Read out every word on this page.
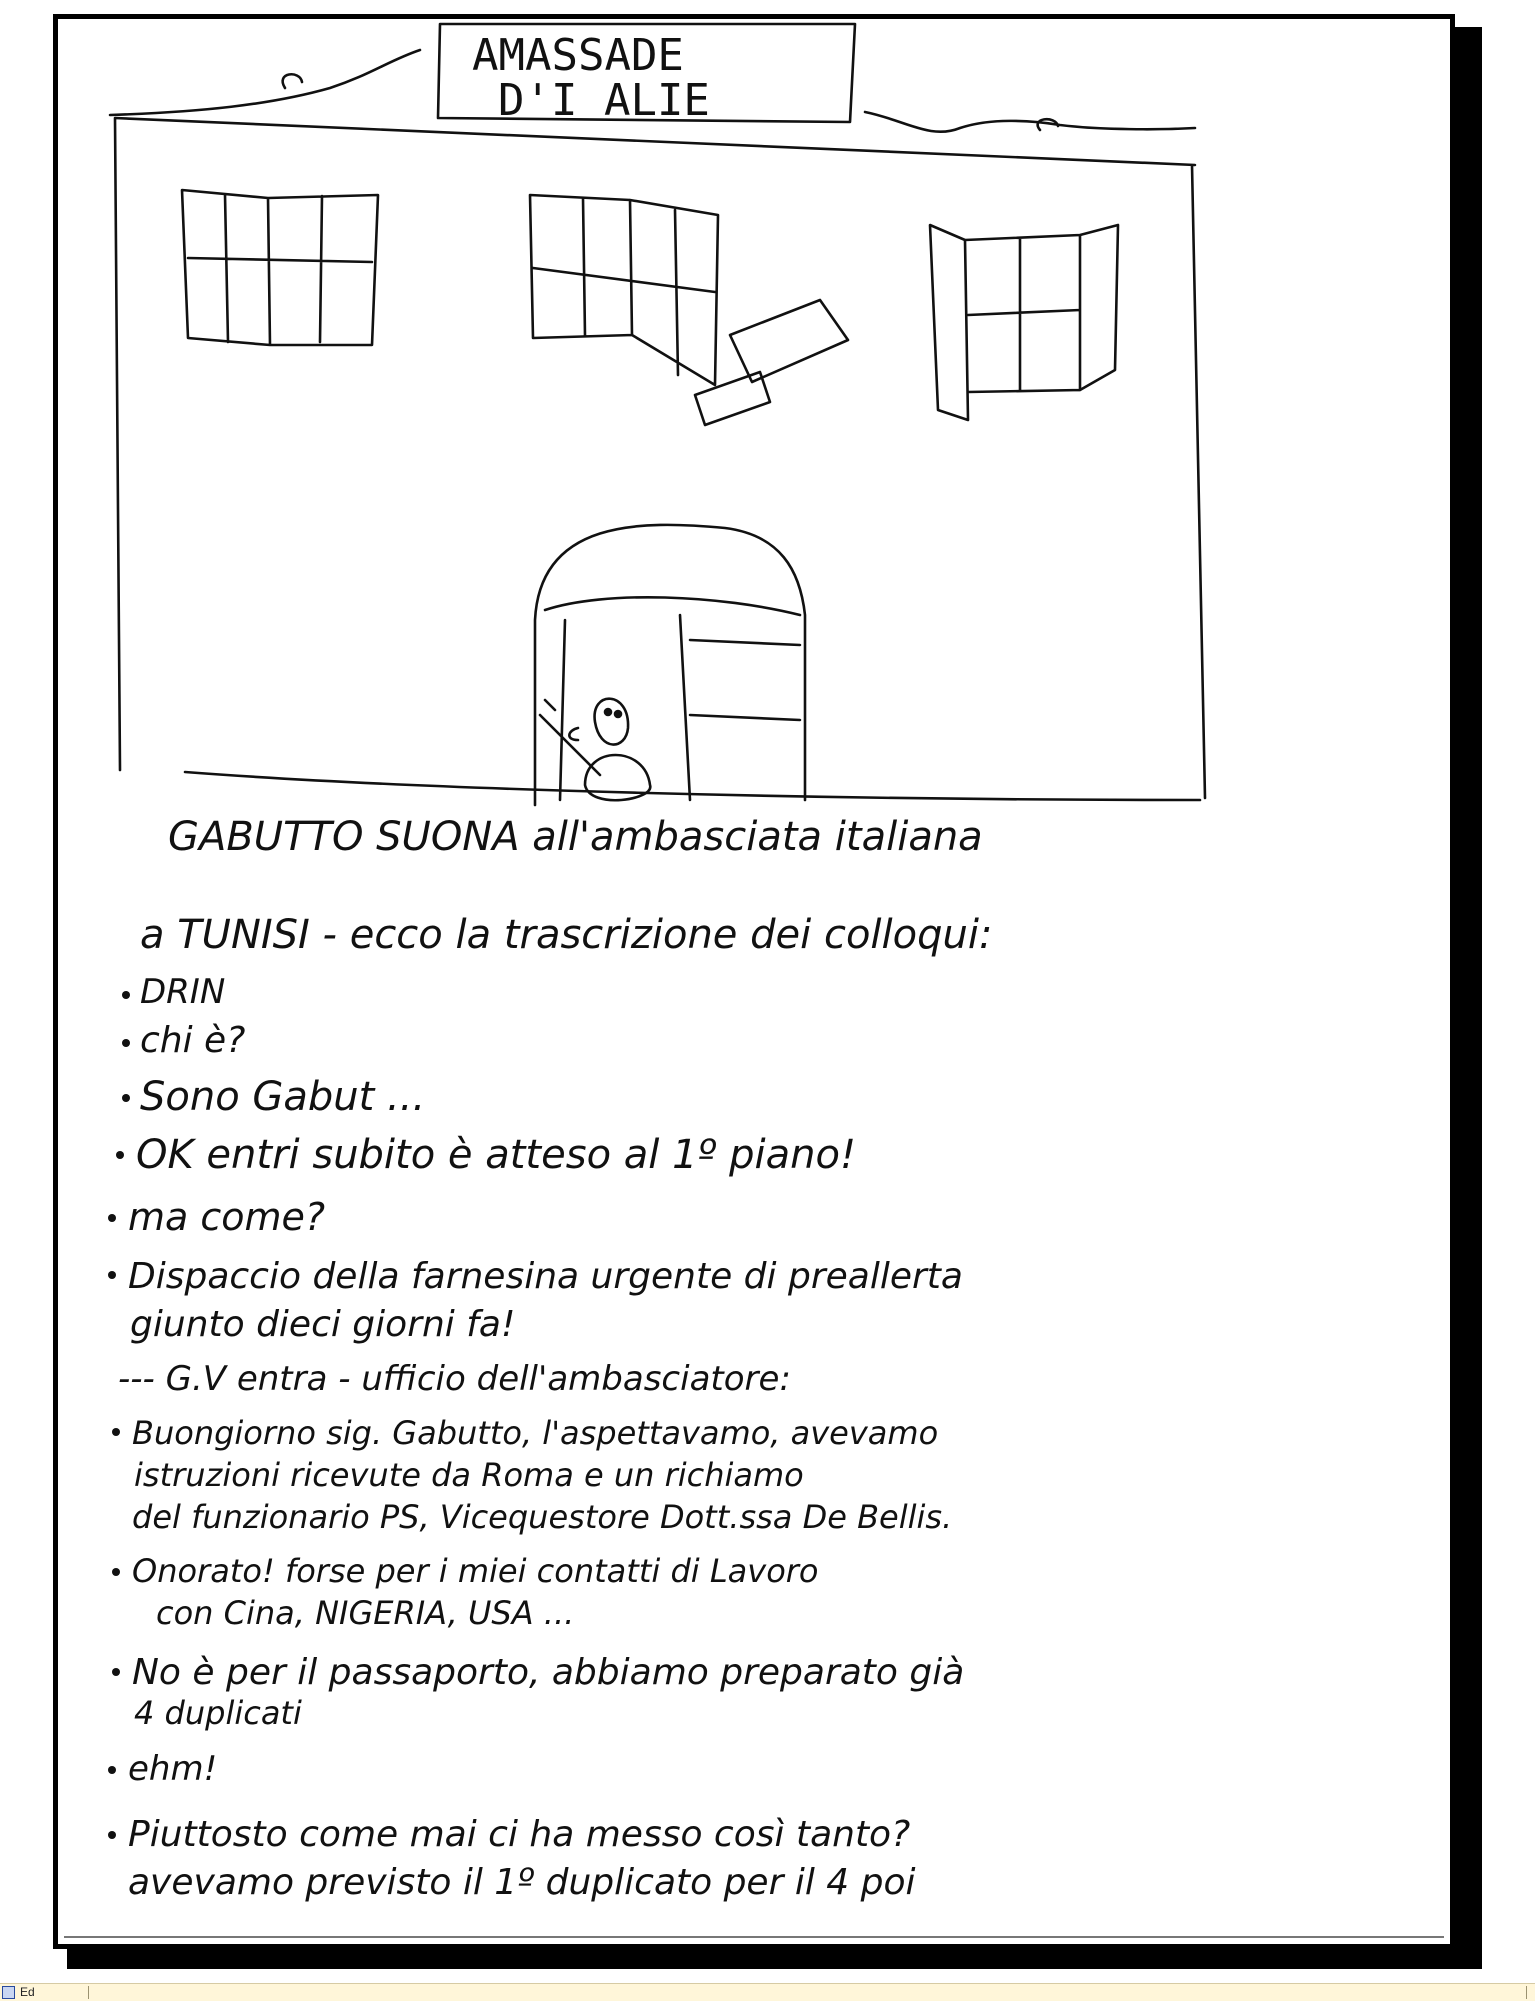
AMASSADE
D'I ALIE
GABUTTO SUONA all'ambasciata italiana
a TUNISI - ecco la trascrizione dei colloqui:
DRIN
chi è?
Sono Gabut ...
OK entri subito è atteso al 1º piano!
ma come?
Dispaccio della farnesina urgente di preallerta
giunto dieci giorni fa!
--- G.V entra - ufficio dell'ambasciatore:
Buongiorno sig. Gabutto, l'aspettavamo, avevamo
istruzioni ricevute da Roma e un richiamo
del funzionario PS, Vicequestore Dott.ssa De Bellis.
Onorato! forse per i miei contatti di Lavoro
con Cina, NIGERIA, USA ...
No è per il passaporto, abbiamo preparato già
4 duplicati
ehm!
Piuttosto come mai ci ha messo così tanto?
avevamo previsto il 1º duplicato per il 4 poi
Ed
